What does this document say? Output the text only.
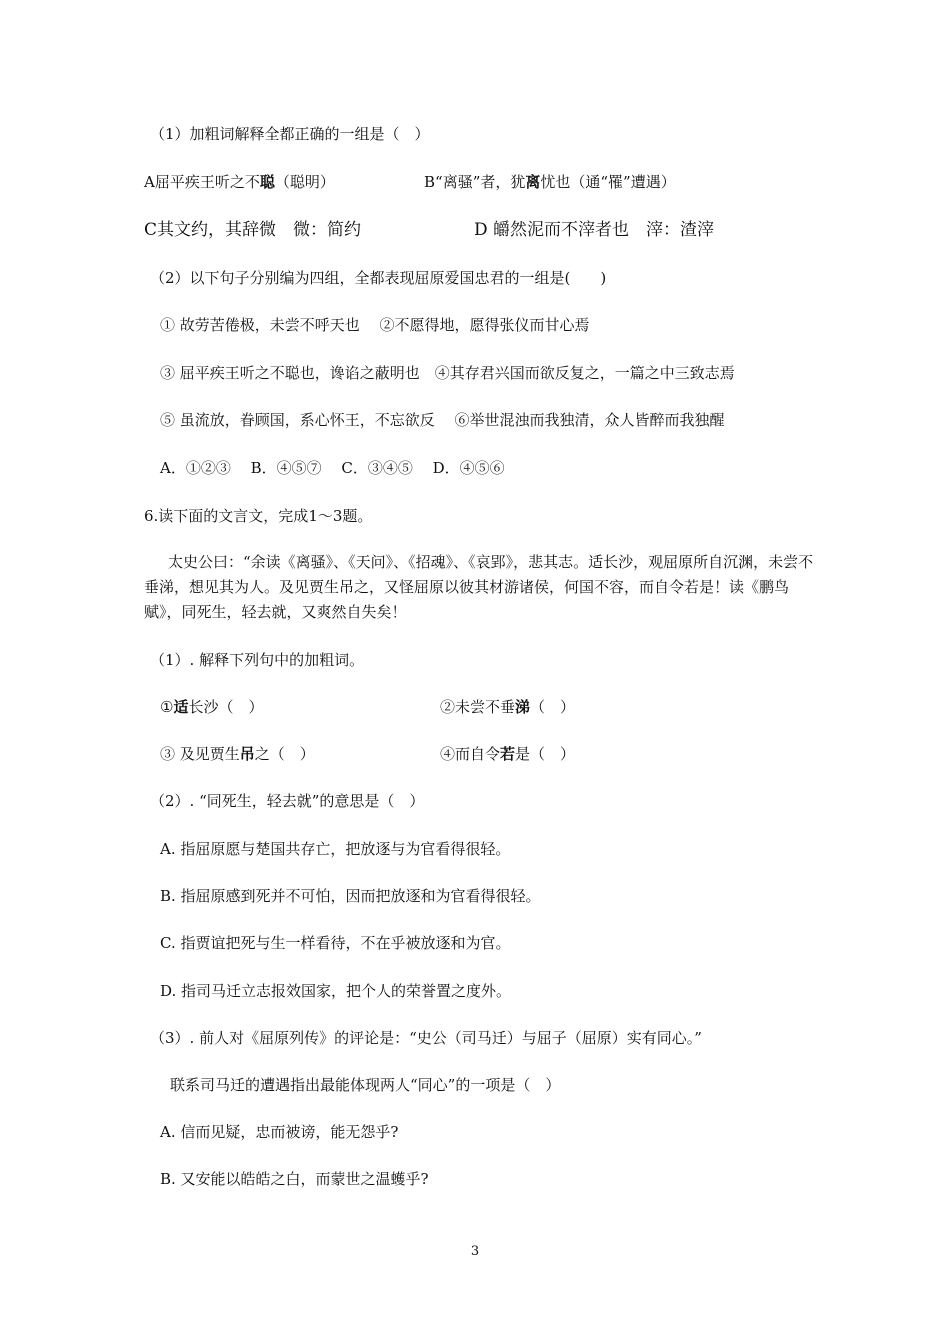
（1）加粗词解释全都正确的一组是（　）
A屈平疾王听之不聪（聪明）	B“离骚”者，犹离忧也（通“罹”遭遇）
C其文约，其辞微　微：简约	D 皭然泥而不滓者也　滓：渣滓
（2）以下句子分别编为四组，全都表现屈原爱国忠君的一组是(　　)
① 故劳苦倦极，未尝不呼天也　 ②不愿得地，愿得张仪而甘心焉
③ 屈平疾王听之不聪也，谗谄之蔽明也　④其存君兴国而欲反复之，一篇之中三致志焉
⑤ 虽流放，眷顾国，系心怀王，不忘欲反　 ⑥举世混浊而我独清，众人皆醉而我独醒
A．①②③　 B．④⑤⑦　 C．③④⑤　 D．④⑤⑥
6.读下面的文言文，完成1～3题。
太史公曰：“余读《离骚》、《天问》、《招魂》、《哀郢》，悲其志。适长沙，观屈原所自沉渊，未尝不垂涕，想见其为人。及见贾生吊之，又怪屈原以彼其材游诸侯，何国不容，而自令若是！读《鹏鸟赋》，同死生，轻去就，又爽然自失矣！
（1）. 解释下列句中的加粗词。
①适长沙（　）	②未尝不垂涕（　）
③ 及见贾生吊之（　）	④而自令若是（　）
（2）. “同死生，轻去就”的意思是（　）
A. 指屈原愿与楚国共存亡，把放逐与为官看得很轻。
B. 指屈原感到死并不可怕，因而把放逐和为官看得很轻。
C. 指贾谊把死与生一样看待，不在乎被放逐和为官。
D. 指司马迁立志报效国家，把个人的荣誉置之度外。
（3）. 前人对《屈原列传》的评论是：“史公（司马迁）与屈子（屈原）实有同心。”
联系司马迁的遭遇指出最能体现两人“同心”的一项是（　）
A. 信而见疑，忠而被谤，能无怨乎?
B. 又安能以皓皓之白，而蒙世之温蠖乎?
3
